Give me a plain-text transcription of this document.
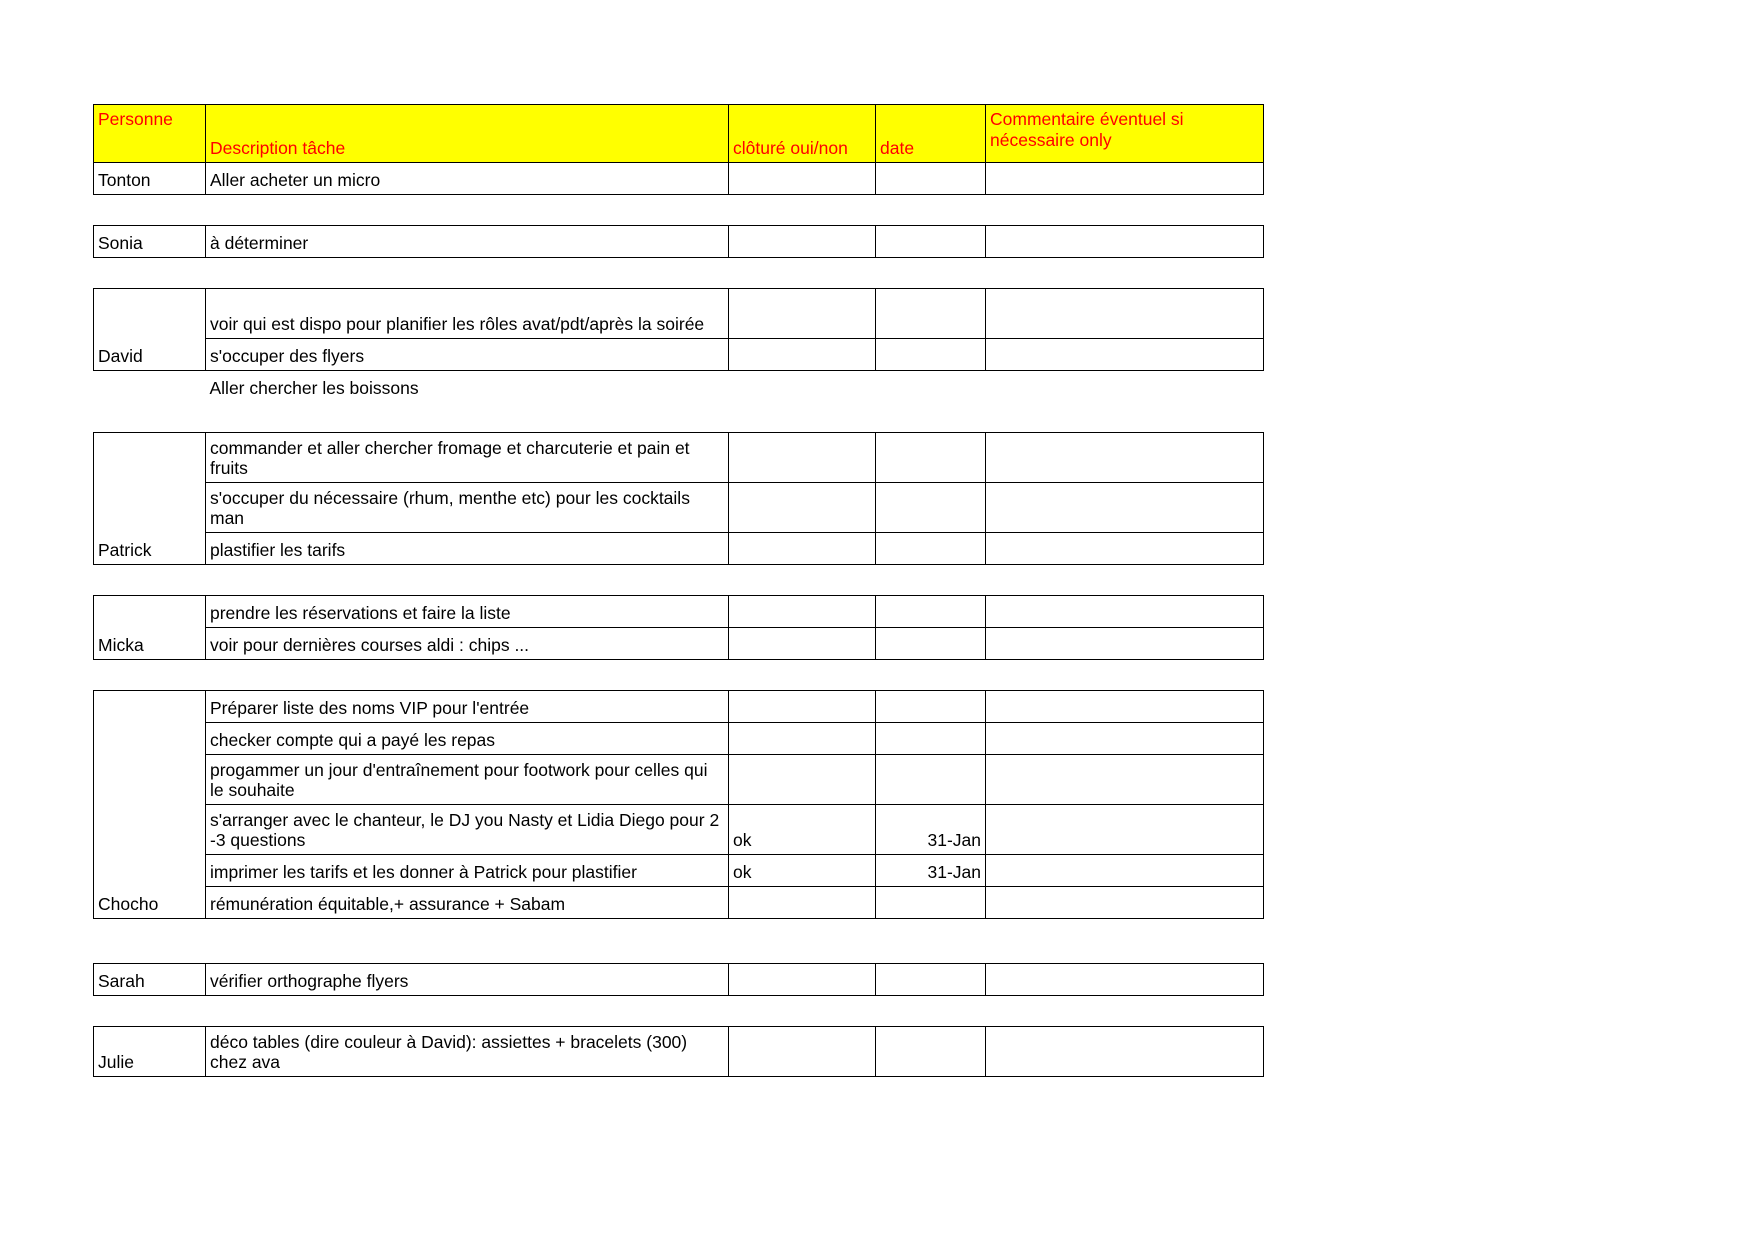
Personne	Description tâche	clôturé oui/non	date	Commentaire éventuel si nécessaire only
Tonton	Aller acheter un micro			

Sonia	à déterminer			

David	voir qui est dispo pour planifier les rôles avat/pdt/après la soirée			
	s'occuper des flyers			
	Aller chercher les boissons			

Patrick	commander et aller chercher fromage et charcuterie et pain et fruits			
	s'occuper du nécessaire (rhum, menthe etc) pour les cocktails man			
	plastifier les tarifs			

Micka	prendre les réservations et faire la liste			
	voir pour dernières courses aldi : chips ...			

Chocho	Préparer liste des noms VIP pour l'entrée			
	checker compte qui a payé les repas			
	progammer un jour d'entraînement pour footwork pour celles qui le souhaite			
	s'arranger avec le chanteur, le DJ you Nasty et Lidia Diego pour 2 -3 questions	ok	31-Jan	
	imprimer les tarifs et les donner à Patrick pour plastifier	ok	31-Jan	
	rémunération équitable,+ assurance + Sabam			

Sarah	vérifier orthographe flyers			

Julie	déco tables (dire couleur à David): assiettes + bracelets (300) chez ava			
